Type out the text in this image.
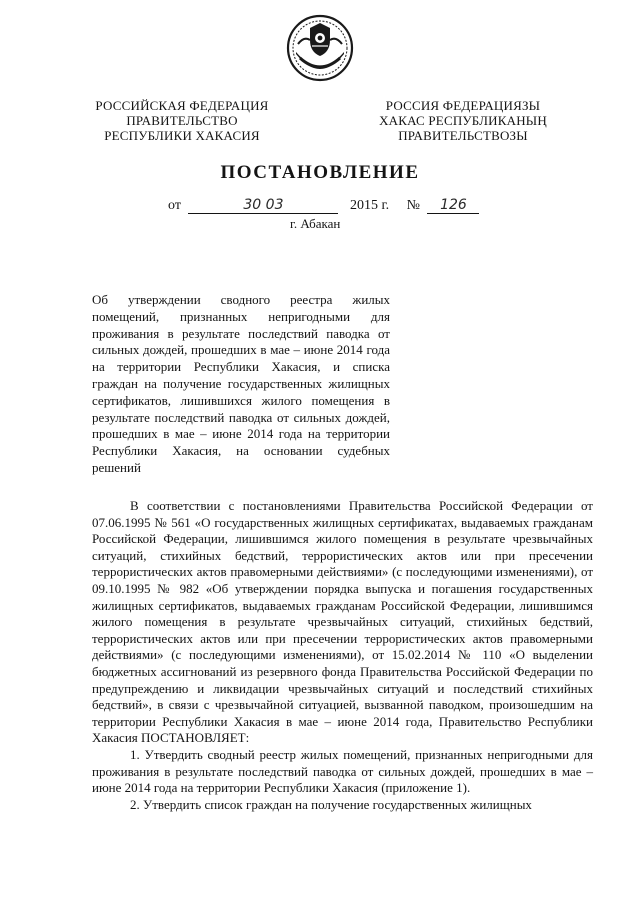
РОССИЙСКАЯ ФЕДЕРАЦИЯ
ПРАВИТЕЛЬСТВО
РЕСПУБЛИКИ ХАКАСИЯ
РОССИЯ ФЕДЕРАЦИЯЗЫ
ХАКАС РЕСПУБЛИКАНЫҢ
ПРАВИТЕЛЬСТВОЗЫ
ПОСТАНОВЛЕНИЕ
от	30 03	2015 г. № 126
г. Абакан
Об утверждении сводного реестра жилых помещений, признанных непригодными для проживания в результате последствий паводка от сильных дождей, прошедших в мае – июне 2014 года на территории Республики Хакасия, и списка граждан на получение государственных жилищных сертификатов, лишившихся жилого помещения в результате последствий паводка от сильных дождей, прошедших в мае – июне 2014 года на территории Республики Хакасия, на основании судебных решений

В соответствии с постановлениями Правительства Российской Федерации от 07.06.1995 № 561 «О государственных жилищных сертификатах, выдаваемых гражданам Российской Федерации, лишившимся жилого помещения в результате чрезвычайных ситуаций, стихийных бедствий, террористических актов или при пресечении террористических актов правомерными действиями» (с последующими изменениями), от 09.10.1995 № 982 «Об утверждении порядка выпуска и погашения государственных жилищных сертификатов, выдаваемых гражданам Российской Федерации, лишившимся жилого помещения в результате чрезвычайных ситуаций, стихийных бедствий, террористических актов или при пресечении террористических актов правомерными действиями» (с последующими изменениями), от 15.02.2014 № 110 «О выделении бюджетных ассигнований из резервного фонда Правительства Российской Федерации по предупреждению и ликвидации чрезвычайных ситуаций и последствий стихийных бедствий», в связи с чрезвычайной ситуацией, вызванной паводком, произошедшим на территории Республики Хакасия в мае – июне 2014 года, Правительство Республики Хакасия ПОСТАНОВЛЯЕТ:

1. Утвердить сводный реестр жилых помещений, признанных непригодными для проживания в результате последствий паводка от сильных дождей, прошедших в мае – июне 2014 года на территории Республики Хакасия (приложение 1).

2. Утвердить список граждан на получение государственных жилищных
